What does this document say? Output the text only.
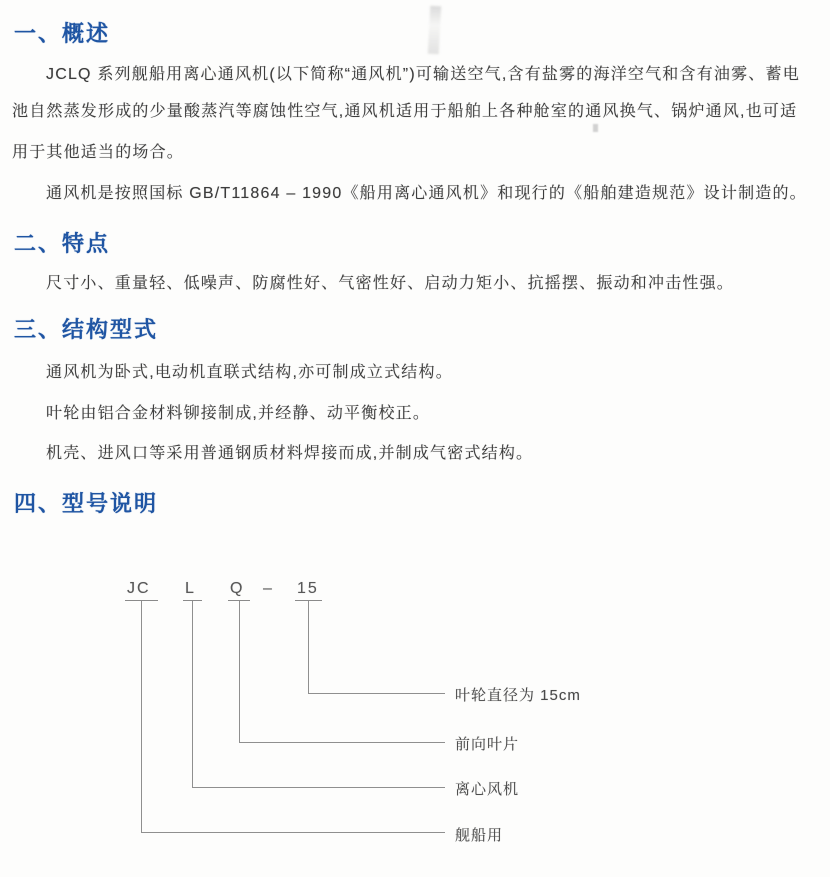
一、概述
JCLQ 系列舰船用离心通风机(以下简称“通风机”)可输送空气,含有盐雾的海洋空气和含有油雾、蓄电
池自然蒸发形成的少量酸蒸汽等腐蚀性空气,通风机适用于船舶上各种舱室的通风换气、锅炉通风,也可适
用于其他适当的场合。
通风机是按照国标 GB/T11864 – 1990《船用离心通风机》和现行的《船舶建造规范》设计制造的。
二、特点
尺寸小、重量轻、低噪声、防腐性好、气密性好、启动力矩小、抗摇摆、振动和冲击性强。
三、结构型式
通风机为卧式,电动机直联式结构,亦可制成立式结构。
叶轮由铝合金材料铆接制成,并经静、动平衡校正。
机壳、进风口等采用普通钢质材料焊接而成,并制成气密式结构。
四、型号说明
JC L Q – 15
叶轮直径为 15cm
前向叶片
离心风机
舰船用
